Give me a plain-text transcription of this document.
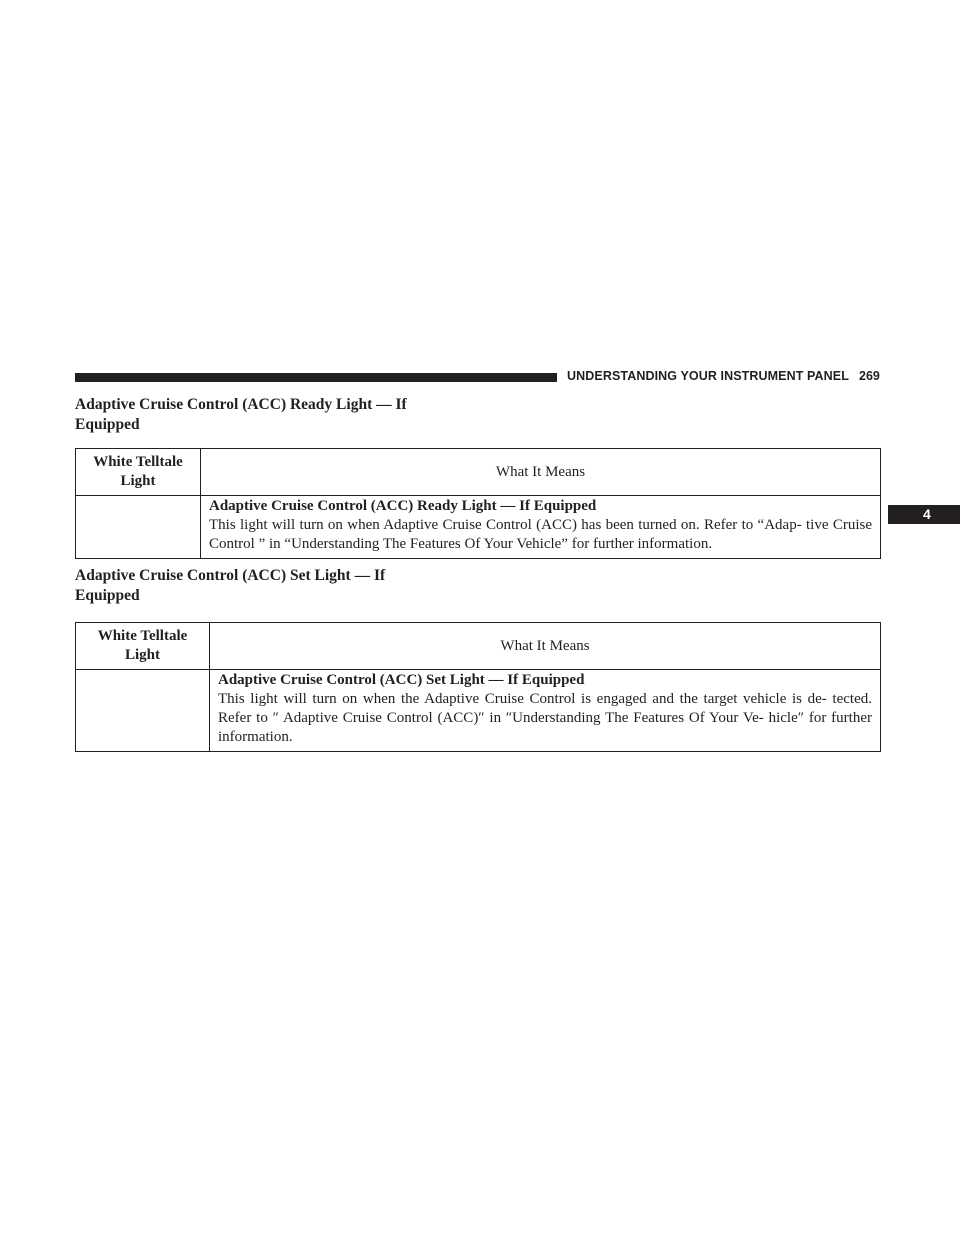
UNDERSTANDING YOUR INSTRUMENT PANEL 269
4
Adaptive Cruise Control (ACC) Ready Light — If
Equipped
White Telltale
Light	What It Means

	Adaptive Cruise Control (ACC) Ready Light — If Equipped
This light will turn on when Adaptive Cruise Control (ACC) has been turned on. Refer to “Adap- tive Cruise Control ” in “Understanding The Features Of Your Vehicle” for further information.
Adaptive Cruise Control (ACC) Set Light — If
Equipped
White Telltale
Light	What It Means

	Adaptive Cruise Control (ACC) Set Light — If Equipped
This light will turn on when the Adaptive Cruise Control is engaged and the target vehicle is de- tected. Refer to ″ Adaptive Cruise Control (ACC)″ in ″Understanding The Features Of Your Ve- hicle″ for further information.
